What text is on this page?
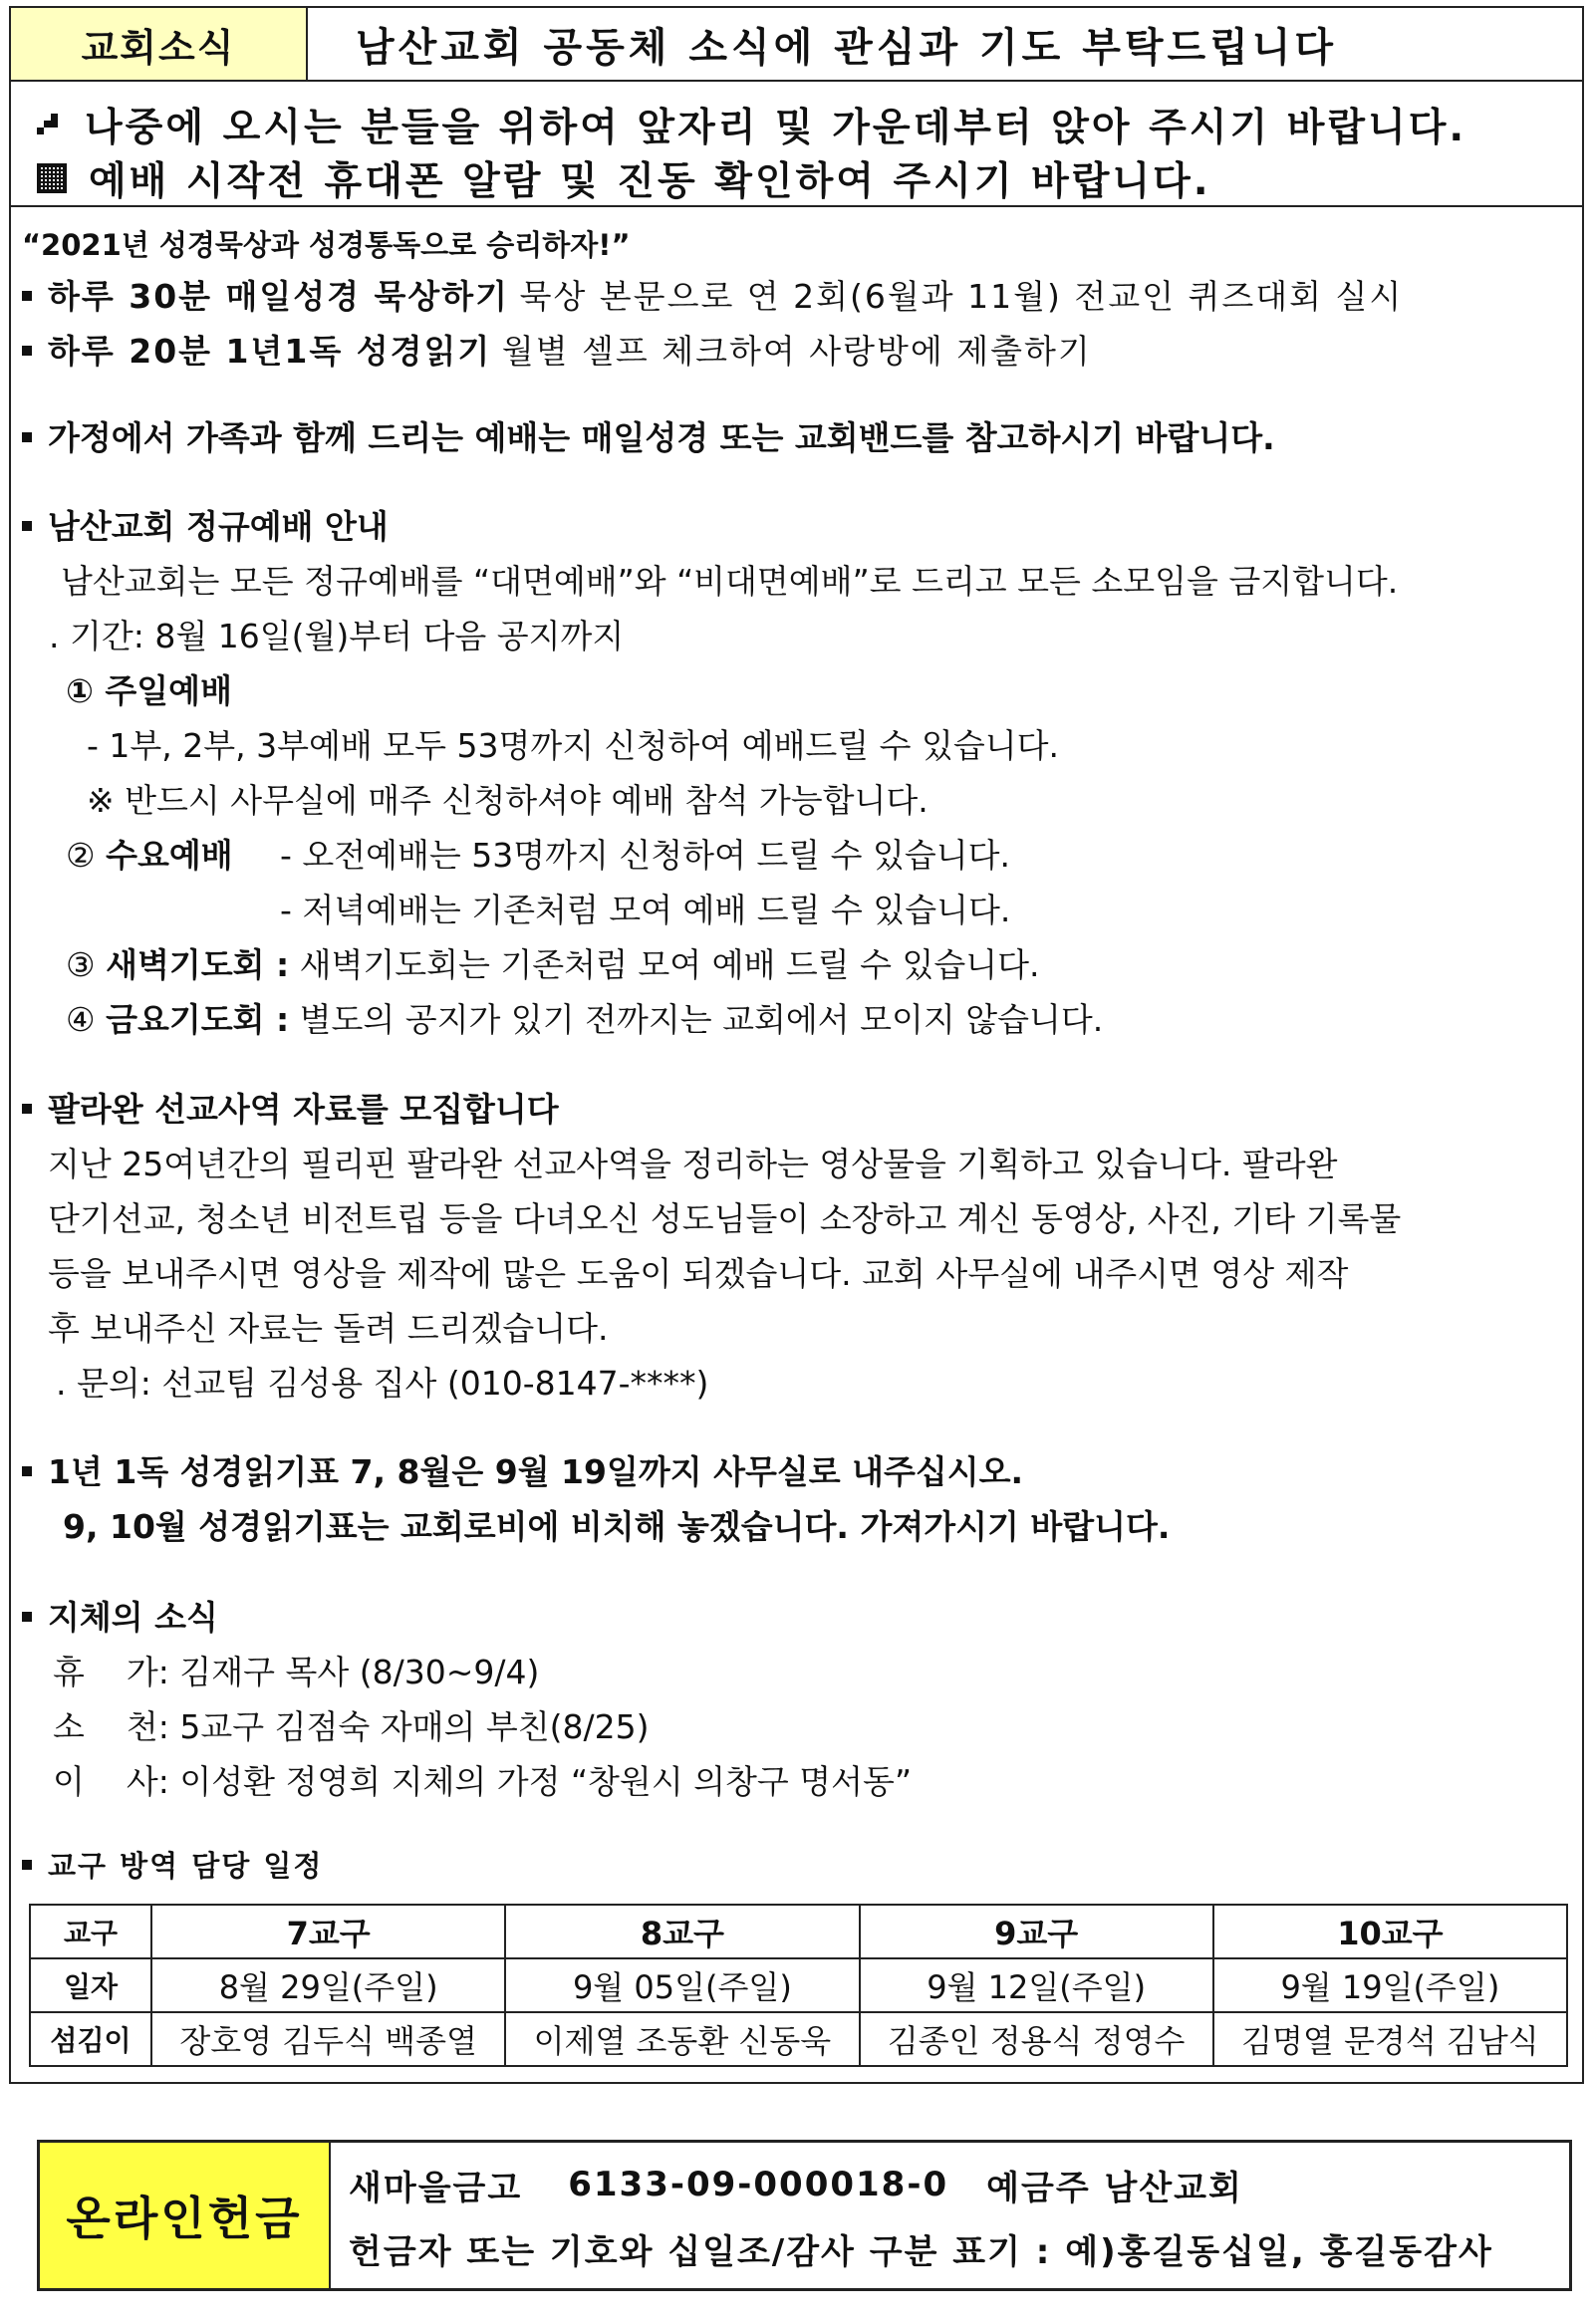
교회소식	남산교회 공동체 소식에 관심과 기도 부탁드립니다
나중에 오시는 분들을 위하여 앞자리 및 가운데부터 앉아 주시기 바랍니다.
예배 시작전 휴대폰 알람 및 진동 확인하여 주시기 바랍니다.
“2021년 성경묵상과 성경통독으로 승리하자!”
하루 30분 매일성경 묵상하기 묵상 본문으로 연 2회(6월과 11월) 전교인 퀴즈대회 실시
하루 20분 1년1독 성경읽기 월별 셀프 체크하여 사랑방에 제출하기
가정에서 가족과 함께 드리는 예배는 매일성경 또는 교회밴드를 참고하시기 바랍니다.
남산교회 정규예배 안내
남산교회는 모든 정규예배를 “대면예배”와 “비대면예배”로 드리고 모든 소모임을 금지합니다.
. 기간: 8월 16일(월)부터 다음 공지까지
① 주일예배
- 1부, 2부, 3부예배 모두 53명까지 신청하여 예배드릴 수 있습니다.
※ 반드시 사무실에 매주 신청하셔야 예배 참석 가능합니다.
② 수요예배 - 오전예배는 53명까지 신청하여 드릴 수 있습니다.
- 저녁예배는 기존처럼 모여 예배 드릴 수 있습니다.
③ 새벽기도회 : 새벽기도회는 기존처럼 모여 예배 드릴 수 있습니다.
④ 금요기도회 : 별도의 공지가 있기 전까지는 교회에서 모이지 않습니다.
팔라완 선교사역 자료를 모집합니다
지난 25여년간의 필리핀 팔라완 선교사역을 정리하는 영상물을 기획하고 있습니다. 팔라완
단기선교, 청소년 비전트립 등을 다녀오신 성도님들이 소장하고 계신 동영상, 사진, 기타 기록물
등을 보내주시면 영상을 제작에 많은 도움이 되겠습니다. 교회 사무실에 내주시면 영상 제작
후 보내주신 자료는 돌려 드리겠습니다.
. 문의: 선교팀 김성용 집사 (010-8147-****)
1년 1독 성경읽기표 7, 8월은 9월 19일까지 사무실로 내주십시오.
9, 10월 성경읽기표는 교회로비에 비치해 놓겠습니다. 가져가시기 바랍니다.
지체의 소식
휴    가: 김재구 목사 (8/30~9/4)
소    천: 5교구 김점숙 자매의 부친(8/25)
이    사: 이성환 정영희 지체의 가정 “창원시 의창구 명서동”
교구 방역 담당 일정
교구	7교구	8교구	9교구	10교구
일자	8월 29일(주일)	9월 05일(주일)	9월 12일(주일)	9월 19일(주일)
섬김이	장호영 김두식 백종열	이제열 조동환 신동욱	김종인 정용식 정영수	김명열 문경석 김남식
온라인헌금
새마을금고 6133-09-000018-0 예금주 남산교회
헌금자 또는 기호와 십일조/감사 구분 표기 : 예)홍길동십일, 홍길동감사
